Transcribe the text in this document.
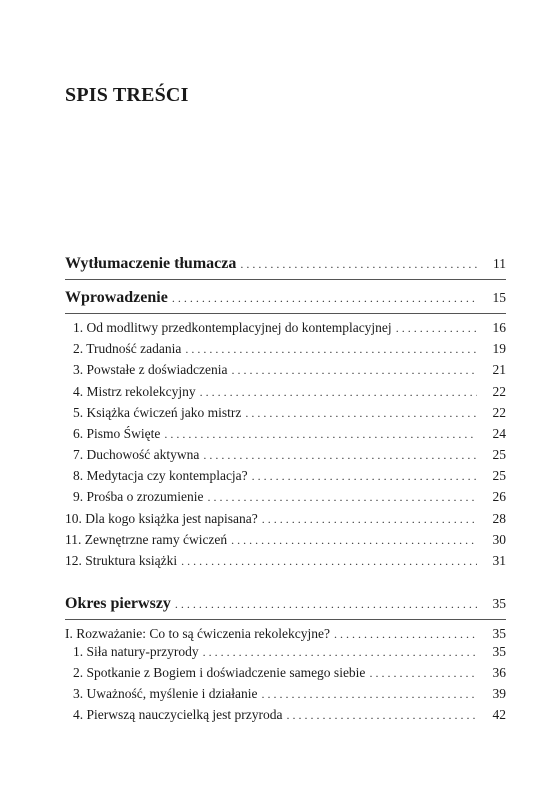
SPIS TREŚCI
Wytłumaczenie tłumacza . . .	11
Wprowadzenie . . .	15
1. Od modlitwy przedkontemplacyjnej do kontemplacyjnej . . .	16
2. Trudność zadania . . .	19
3. Powstałe z doświadczenia . . .	21
4. Mistrz rekolekcyjny . . .	22
5. Książka ćwiczeń jako mistrz . . .	22
6. Pismo Święte . . .	24
7. Duchowość aktywna . . .	25
8. Medytacja czy kontemplacja? . . .	25
9. Prośba o zrozumienie . . .	26
10. Dla kogo książka jest napisana? . . .	28
11. Zewnętrzne ramy ćwiczeń . . .	30
12. Struktura książki . . .	31
Okres pierwszy . . .	35
I. Rozważanie: Co to są ćwiczenia rekolekcyjne? . . .	35
1. Siła natury-przyrody . . .	35
2. Spotkanie z Bogiem i doświadczenie samego siebie . . .	36
3. Uważność, myślenie i działanie . . .	39
4. Pierwszą nauczycielką jest przyroda . . .	42
